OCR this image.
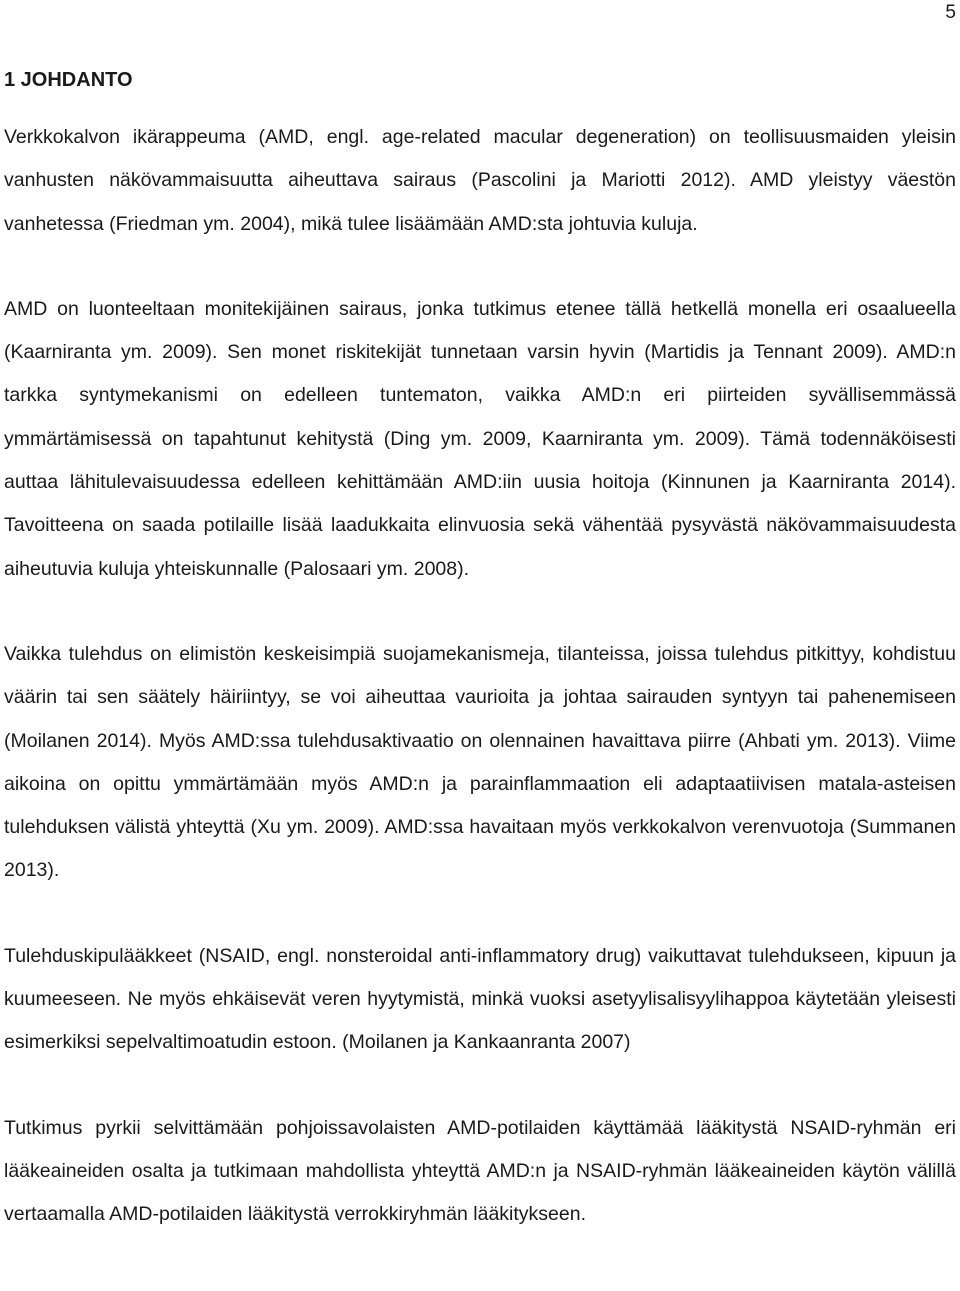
5
1 JOHDANTO

Verkkokalvon ikärappeuma (AMD, engl. age-related macular degeneration) on teollisuusmaiden yleisin vanhusten näkövammaisuutta aiheuttava sairaus (Pascolini ja Mariotti 2012). AMD yleistyy väestön vanhetessa (Friedman ym. 2004), mikä tulee lisäämään AMD:sta johtuvia kuluja.

AMD on luonteeltaan monitekijäinen sairaus, jonka tutkimus etenee tällä hetkellä monella eri osaalueella (Kaarniranta ym. 2009). Sen monet riskitekijät tunnetaan varsin hyvin (Martidis ja Tennant 2009). AMD:n tarkka syntymekanismi on edelleen tuntematon, vaikka AMD:n eri piirteiden syvällisemmässä ymmärtämisessä on tapahtunut kehitystä (Ding ym. 2009, Kaarniranta ym. 2009). Tämä todennäköisesti auttaa lähitulevaisuudessa edelleen kehittämään AMD:iin uusia hoitoja (Kinnunen ja Kaarniranta 2014). Tavoitteena on saada potilaille lisää laadukkaita elinvuosia sekä vähentää pysyvästä näkövammaisuudesta aiheutuvia kuluja yhteiskunnalle (Palosaari ym. 2008).

Vaikka tulehdus on elimistön keskeisimpiä suojamekanismeja, tilanteissa, joissa tulehdus pitkittyy, kohdistuu väärin tai sen säätely häiriintyy, se voi aiheuttaa vaurioita ja johtaa sairauden syntyyn tai pahenemiseen (Moilanen 2014). Myös AMD:ssa tulehdusaktivaatio on olennainen havaittava piirre (Ahbati ym. 2013). Viime aikoina on opittu ymmärtämään myös AMD:n ja parainflammaation eli adaptaatiivisen matala-asteisen tulehduksen välistä yhteyttä (Xu ym. 2009). AMD:ssa havaitaan myös verkkokalvon verenvuotoja (Summanen 2013).

Tulehduskipulääkkeet (NSAID, engl. nonsteroidal anti-inflammatory drug) vaikuttavat tulehdukseen, kipuun ja kuumeeseen. Ne myös ehkäisevät veren hyytymistä, minkä vuoksi asetyylisalisyylihappoa käytetään yleisesti esimerkiksi sepelvaltimoatudin estoon. (Moilanen ja Kankaanranta 2007)

Tutkimus pyrkii selvittämään pohjoissavolaisten AMD-potilaiden käyttämää lääkitystä NSAID-ryhmän eri lääkeaineiden osalta ja tutkimaan mahdollista yhteyttä AMD:n ja NSAID-ryhmän lääkeaineiden käytön välillä vertaamalla AMD-potilaiden lääkitystä verrokkiryhmän lääkitykseen.
